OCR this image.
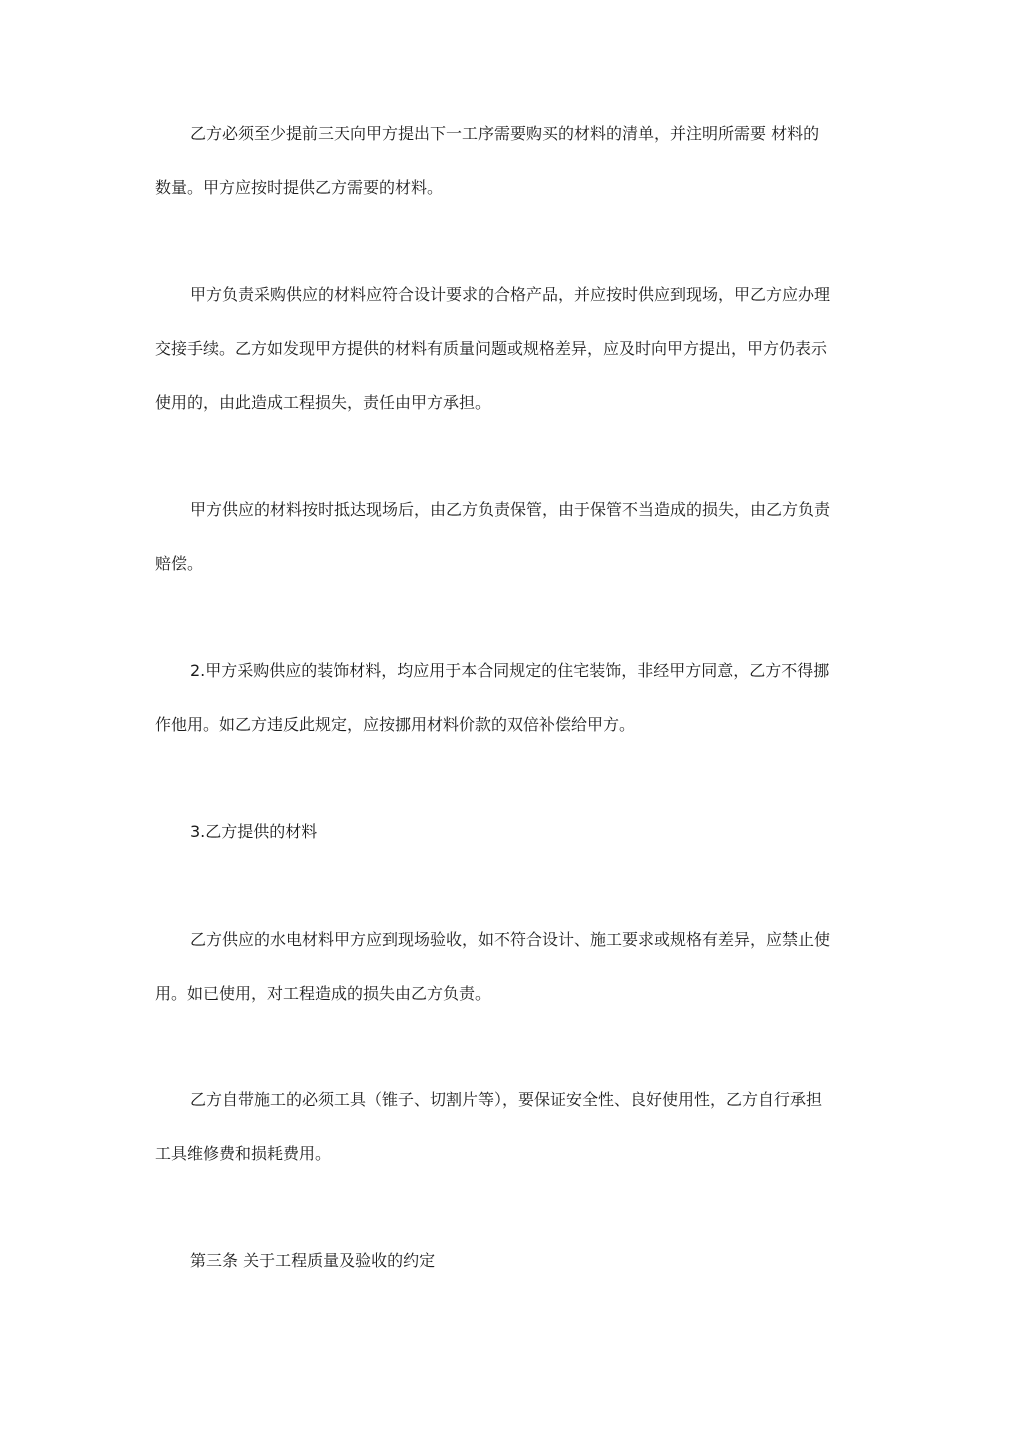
乙方必须至少提前三天向甲方提出下一工序需要购买的材料的清单，并注明所需要 材料的
数量。甲方应按时提供乙方需要的材料。
甲方负责采购供应的材料应符合设计要求的合格产品，并应按时供应到现场，甲乙方应办理
交接手续。乙方如发现甲方提供的材料有质量问题或规格差异，应及时向甲方提出，甲方仍表示
使用的，由此造成工程损失，责任由甲方承担。
甲方供应的材料按时抵达现场后，由乙方负责保管，由于保管不当造成的损失，由乙方负责
赔偿。
2.甲方采购供应的装饰材料，均应用于本合同规定的住宅装饰，非经甲方同意，乙方不得挪
作他用。如乙方违反此规定，应按挪用材料价款的双倍补偿给甲方。
3.乙方提供的材料
乙方供应的水电材料甲方应到现场验收，如不符合设计、施工要求或规格有差异，应禁止使
用。如已使用，对工程造成的损失由乙方负责。
乙方自带施工的必须工具（锥子、切割片等），要保证安全性、良好使用性，乙方自行承担
工具维修费和损耗费用。
第三条 关于工程质量及验收的约定
